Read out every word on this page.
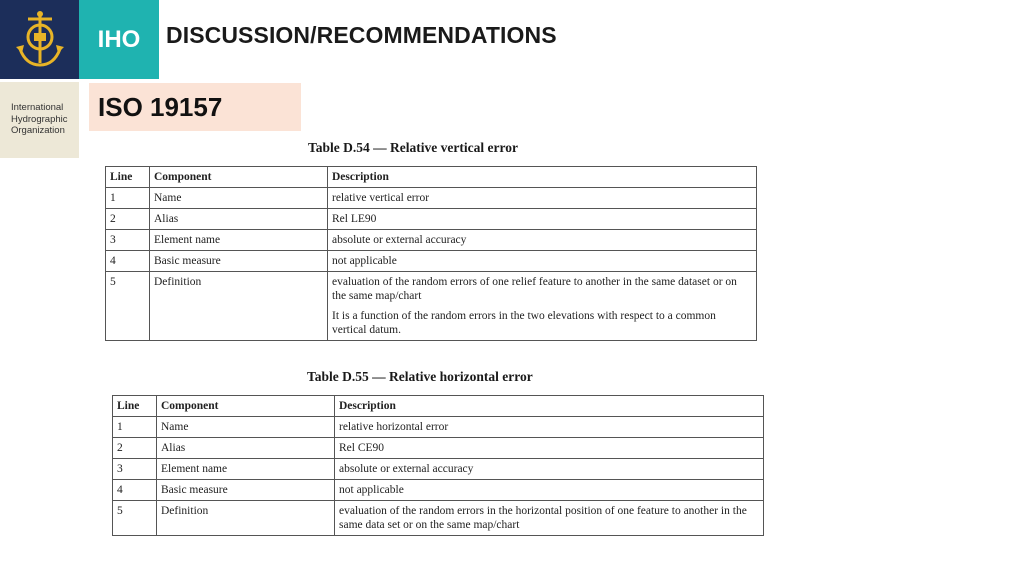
IHO	DISCUSSION/RECOMMENDATIONS
International
Hydrographic
Organization
ISO 19157
Table D.54 — Relative vertical error
Line	Component	Description
1	Name	relative vertical error

2	Alias	Rel LE90

3	Element name	absolute or external accuracy

4	Basic measure	not applicable

5	Definition	evaluation of the random errors of one relief feature to another in the same dataset or on the same map/chart

It is a function of the random errors in the two elevations with respect to a common vertical datum.

Table D.55 — Relative horizontal error
Line	Component	Description
1	Name	relative horizontal error

2	Alias	Rel CE90

3	Element name	absolute or external accuracy

4	Basic measure	not applicable

5	Definition	evaluation of the random errors in the horizontal position of one feature to another in the same data set or on the same map/chart
